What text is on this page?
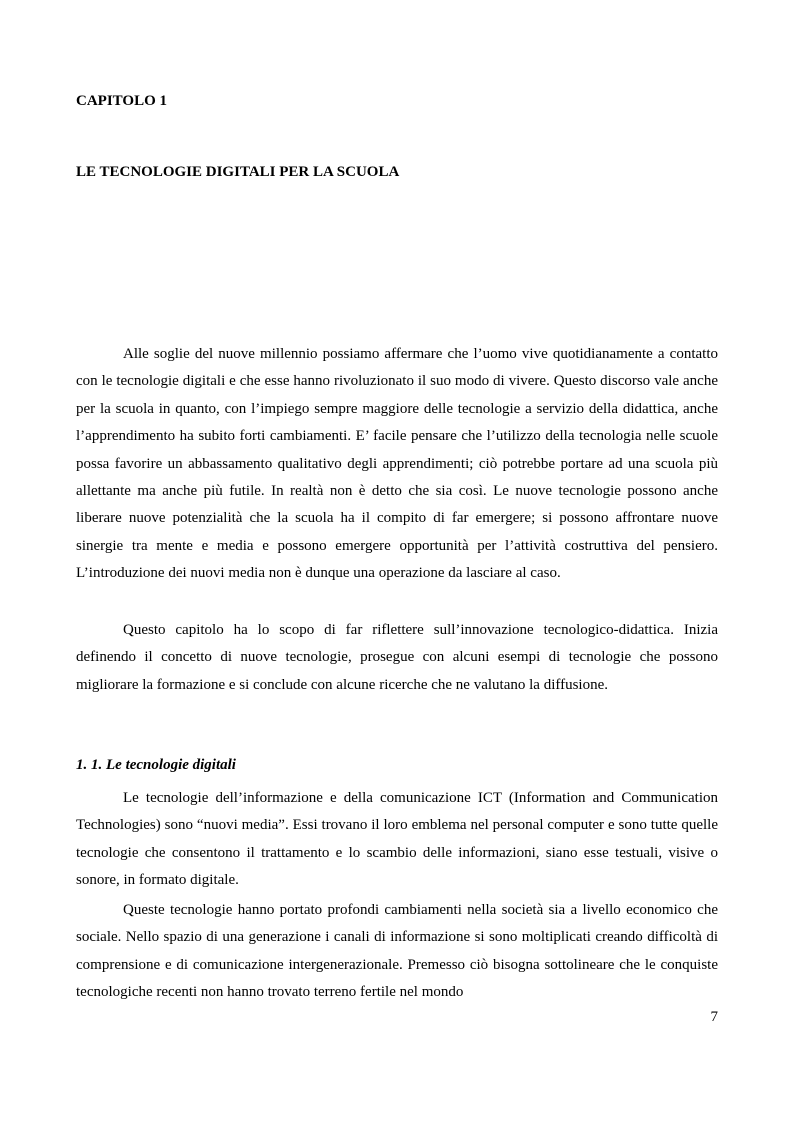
CAPITOLO 1
LE TECNOLOGIE DIGITALI PER LA SCUOLA

Alle soglie del nuove millennio possiamo affermare che l’uomo vive quotidianamente a contatto con le tecnologie digitali e che esse hanno rivoluzionato il suo modo di vivere. Questo discorso vale anche per la scuola in quanto, con l’impiego sempre maggiore delle tecnologie a servizio della didattica, anche l’apprendimento ha subito forti cambiamenti. E’ facile pensare che l’utilizzo della tecnologia nelle scuole possa favorire un abbassamento qualitativo degli apprendimenti; ciò potrebbe portare ad una scuola più allettante ma anche più futile. In realtà non è detto che sia così. Le nuove tecnologie possono anche liberare nuove potenzialità che la scuola ha il compito di far emergere; si possono affrontare nuove sinergie tra mente e media e possono emergere opportunità per l’attività costruttiva del pensiero. L’introduzione dei nuovi media non è dunque una operazione da lasciare al caso.

Questo capitolo ha lo scopo di far riflettere sull’innovazione tecnologico-didattica. Inizia definendo il concetto di nuove tecnologie, prosegue con alcuni esempi di tecnologie che possono migliorare la formazione e si conclude con alcune ricerche che ne valutano la diffusione.

1. 1. Le tecnologie digitali

Le tecnologie dell’informazione e della comunicazione ICT (Information and Communication Technologies) sono “nuovi media”. Essi trovano il loro emblema nel personal computer e sono tutte quelle tecnologie che consentono il trattamento e lo scambio delle informazioni, siano esse testuali, visive o sonore, in formato digitale.

Queste tecnologie hanno portato profondi cambiamenti nella società sia a livello economico che sociale. Nello spazio di una generazione i canali di informazione si sono moltiplicati creando difficoltà di comprensione e di comunicazione intergenerazionale. Premesso ciò bisogna sottolineare che le conquiste tecnologiche recenti non hanno trovato terreno fertile nel mondo

7
